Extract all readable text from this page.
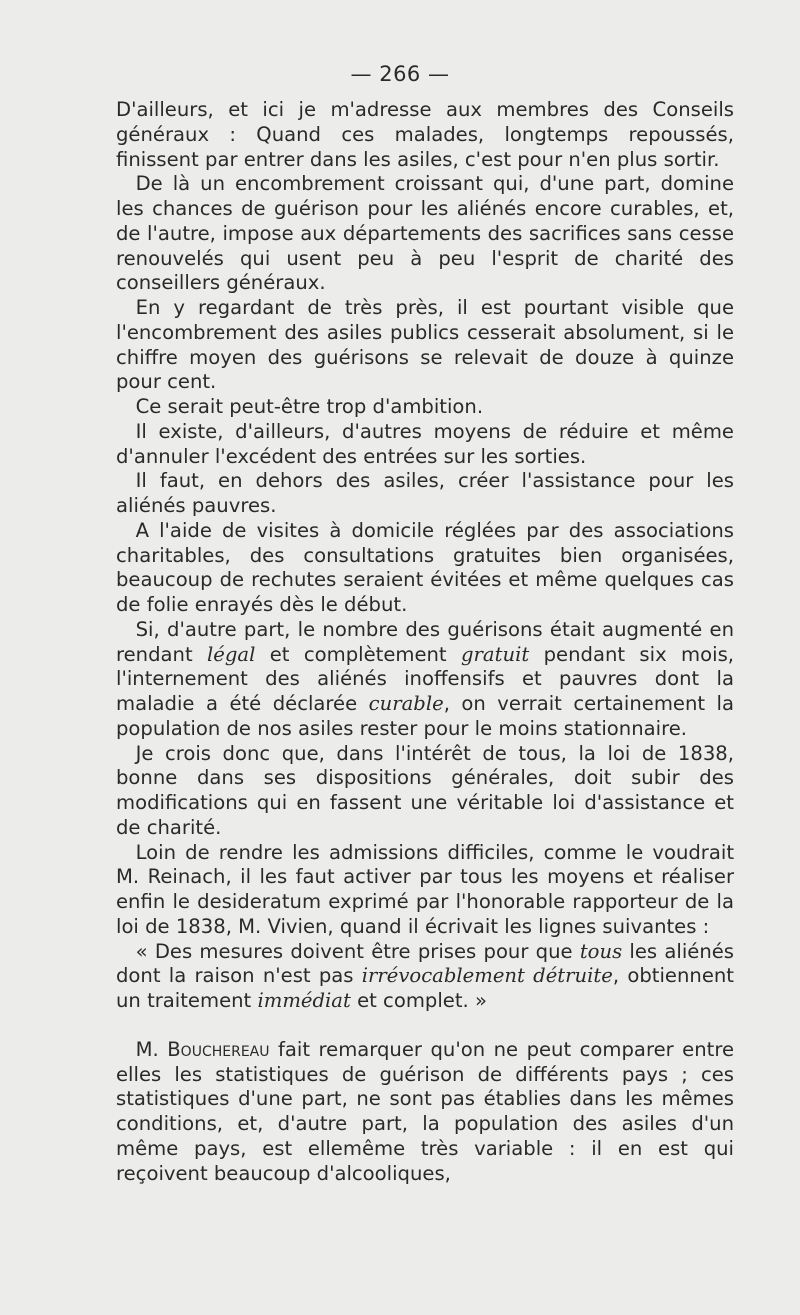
— 266 —

D'ailleurs, et ici je m'adresse aux membres des Conseils généraux : Quand ces malades, longtemps repoussés, finissent par entrer dans les asiles, c'est pour n'en plus sortir.

De là un encombrement croissant qui, d'une part, domine les chances de guérison pour les aliénés encore curables, et, de l'autre, impose aux départements des sacrifices sans cesse renouvelés qui usent peu à peu l'esprit de charité des conseillers généraux.

En y regardant de très près, il est pourtant visible que l'encombrement des asiles publics cesserait absolument, si le chiffre moyen des guérisons se relevait de douze à quinze pour cent.

Ce serait peut-être trop d'ambition.

Il existe, d'ailleurs, d'autres moyens de réduire et même d'annuler l'excédent des entrées sur les sorties.

Il faut, en dehors des asiles, créer l'assistance pour les aliénés pauvres.

A l'aide de visites à domicile réglées par des associations charitables, des consultations gratuites bien organisées, beaucoup de rechutes seraient évitées et même quelques cas de folie enrayés dès le début.

Si, d'autre part, le nombre des guérisons était augmenté en rendant légal et complètement gratuit pendant six mois, l'internement des aliénés inoffensifs et pauvres dont la maladie a été déclarée curable, on verrait certainement la population de nos asiles rester pour le moins stationnaire.

Je crois donc que, dans l'intérêt de tous, la loi de 1838, bonne dans ses dispositions générales, doit subir des modifications qui en fassent une véritable loi d'assistance et de charité.

Loin de rendre les admissions difficiles, comme le voudrait M. Reinach, il les faut activer par tous les moyens et réaliser enfin le desideratum exprimé par l'honorable rapporteur de la loi de 1838, M. Vivien, quand il écrivait les lignes suivantes :

« Des mesures doivent être prises pour que tous les aliénés dont la raison n'est pas irrévocablement détruite, obtiennent un traitement immédiat et complet. »

M. Bouchereau fait remarquer qu'on ne peut comparer entre elles les statistiques de guérison de différents pays ; ces statistiques d'une part, ne sont pas établies dans les mêmes conditions, et, d'autre part, la population des asiles d'un même pays, est ellemême très variable : il en est qui reçoivent beaucoup d'alcooliques,
